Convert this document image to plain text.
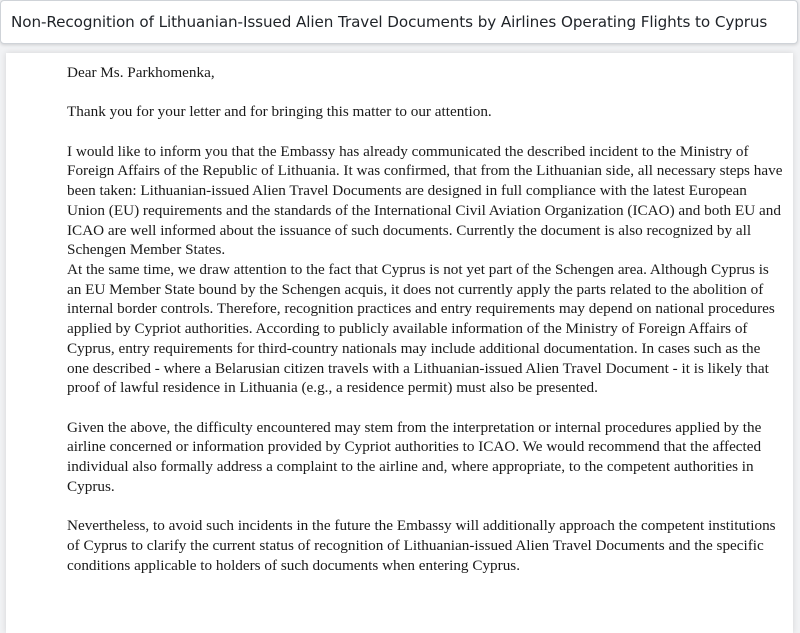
Non-Recognition of Lithuanian-Issued Alien Travel Documents by Airlines Operating Flights to Cyprus

Dear Ms. Parkhomenka,

Thank you for your letter and for bringing this matter to our attention.

I would like to inform you that the Embassy has already communicated the described incident to the Ministry of Foreign Affairs of the Republic of Lithuania. It was confirmed, that from the Lithuanian side, all necessary steps have been taken: Lithuanian-issued Alien Travel Documents are designed in full compliance with the latest European Union (EU) requirements and the standards of the International Civil Aviation Organization (ICAO) and both EU and ICAO are well informed about the issuance of such documents. Currently the document is also recognized by all Schengen Member States.

At the same time, we draw attention to the fact that Cyprus is not yet part of the Schengen area. Although Cyprus is an EU Member State bound by the Schengen acquis, it does not currently apply the parts related to the abolition of internal border controls. Therefore, recognition practices and entry requirements may depend on national procedures applied by Cypriot authorities. According to publicly available information of the Ministry of Foreign Affairs of Cyprus, entry requirements for third-country nationals may include additional documentation. In cases such as the one described - where a Belarusian citizen travels with a Lithuanian-issued Alien Travel Document - it is likely that proof of lawful residence in Lithuania (e.g., a residence permit) must also be presented.

Given the above, the difficulty encountered may stem from the interpretation or internal procedures applied by the airline concerned or information provided by Cypriot authorities to ICAO. We would recommend that the affected individual also formally address a complaint to the airline and, where appropriate, to the competent authorities in Cyprus.

Nevertheless, to avoid such incidents in the future the Embassy will additionally approach the competent institutions of Cyprus to clarify the current status of recognition of Lithuanian-issued Alien Travel Documents and the specific conditions applicable to holders of such documents when entering Cyprus.
